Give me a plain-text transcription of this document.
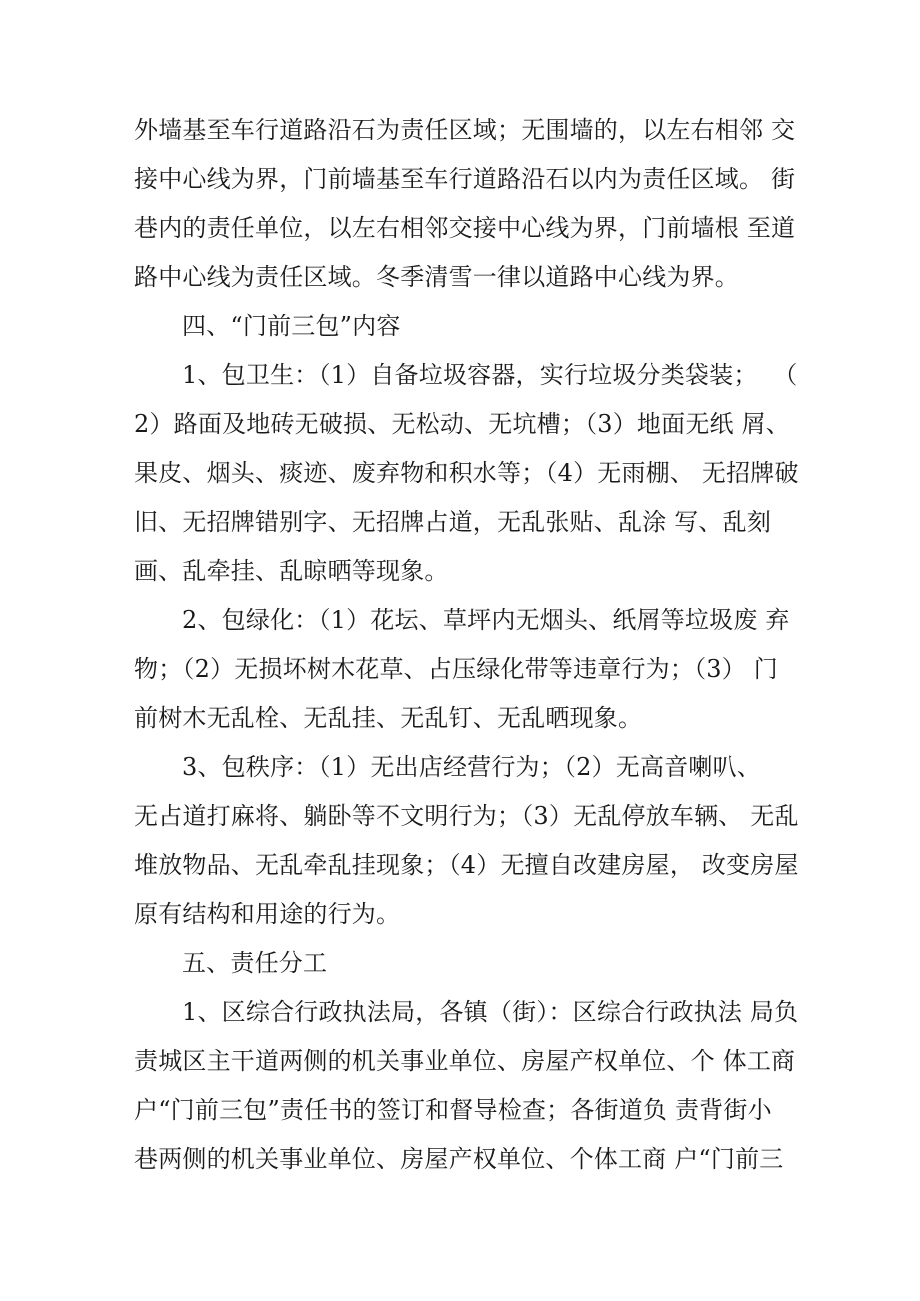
外墙基至车行道路沿石为责任区域；无围墙的，以左右相邻 交
接中心线为界，门前墙基至车行道路沿石以内为责任区域。 街
巷内的责任单位，以左右相邻交接中心线为界，门前墙根 至道
路中心线为责任区域。冬季清雪一律以道路中心线为界。
四、“门前三包”内容
1、包卫生：（1）自备垃圾容器，实行垃圾分类袋装；  （
2）路面及地砖无破损、无松动、无坑槽；（3）地面无纸 屑、
果皮、烟头、痰迹、废弃物和积水等；（4）无雨棚、 无招牌破
旧、无招牌错别字、无招牌占道，无乱张贴、乱涂 写、乱刻
画、乱牵挂、乱晾晒等现象。
2、包绿化：（1）花坛、草坪内无烟头、纸屑等垃圾废 弃
物；（2）无损坏树木花草、占压绿化带等违章行为；（3） 门
前树木无乱栓、无乱挂、无乱钉、无乱晒现象。
3、包秩序：（1）无出店经营行为；（2）无高音喇叭、
无占道打麻将、躺卧等不文明行为；（3）无乱停放车辆、 无乱
堆放物品、无乱牵乱挂现象；（4）无擅自改建房屋， 改变房屋
原有结构和用途的行为。
五、责任分工
1、区综合行政执法局，各镇（街）：区综合行政执法 局负
责城区主干道两侧的机关事业单位、房屋产权单位、个 体工商
户“门前三包”责任书的签订和督导检查；各街道负 责背街小
巷两侧的机关事业单位、房屋产权单位、个体工商 户“门前三
